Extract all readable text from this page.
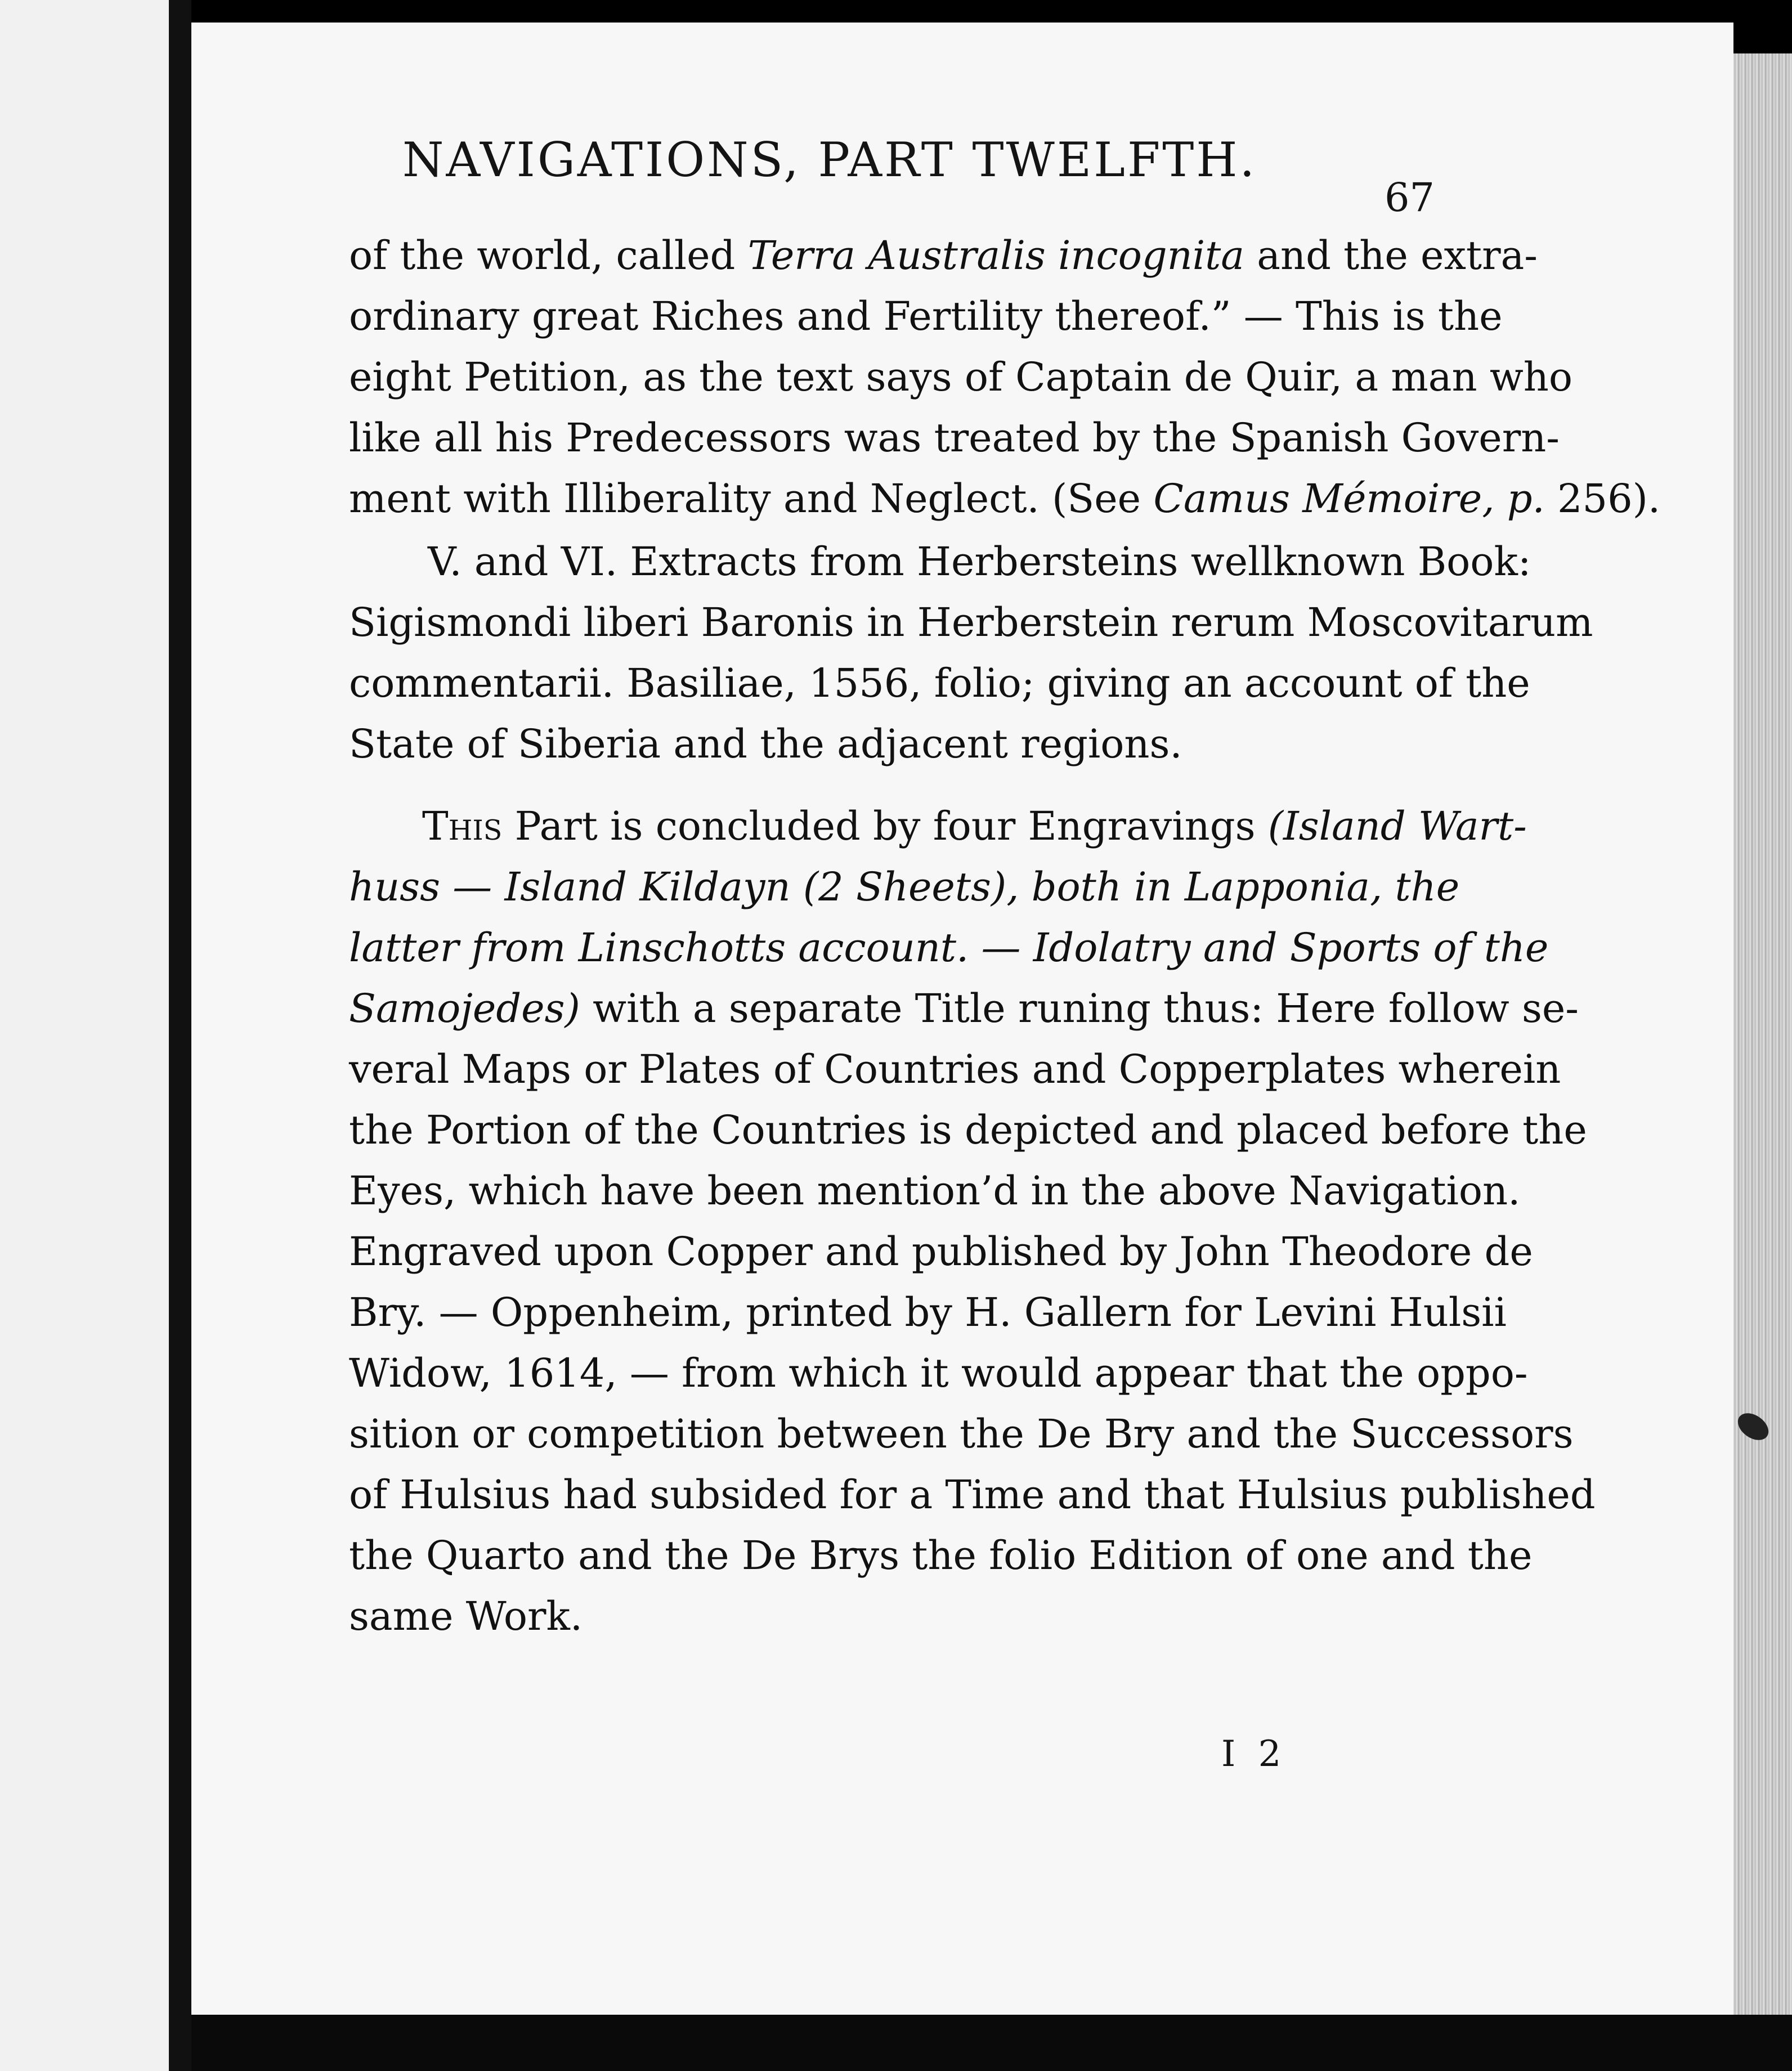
NAVIGATIONS, PART TWELFTH.
67

of the world, called Terra Australis incognita and the extra-
ordinary great Riches and Fertility thereof.” — This is the
eight Petition, as the text says of Captain de Quir, a man who
like all his Predecessors was treated by the Spanish Govern-
ment with Illiberality and Neglect. (See Camus Mémoire, p. 256).

V. and VI. Extracts from Herbersteins wellknown Book:
Sigismondi liberi Baronis in Herberstein rerum Moscovitarum
commentarii. Basiliae, 1556, folio; giving an account of the
State of Siberia and the adjacent regions.

This Part is concluded by four Engravings (Island Wart-
huss — Island Kildayn (2 Sheets), both in Lapponia, the
latter from Linschotts account. — Idolatry and Sports of the
Samojedes) with a separate Title runing thus: Here follow se-
veral Maps or Plates of Countries and Copperplates wherein
the Portion of the Countries is depicted and placed before the
Eyes, which have been mention’d in the above Navigation.
Engraved upon Copper and published by John Theodore de
Bry. — Oppenheim, printed by H. Gallern for Levini Hulsii
Widow, 1614, — from which it would appear that the oppo-
sition or competition between the De Bry and the Successors
of Hulsius had subsided for a Time and that Hulsius published
the Quarto and the De Brys the folio Edition of one and the
same Work.

I 2
